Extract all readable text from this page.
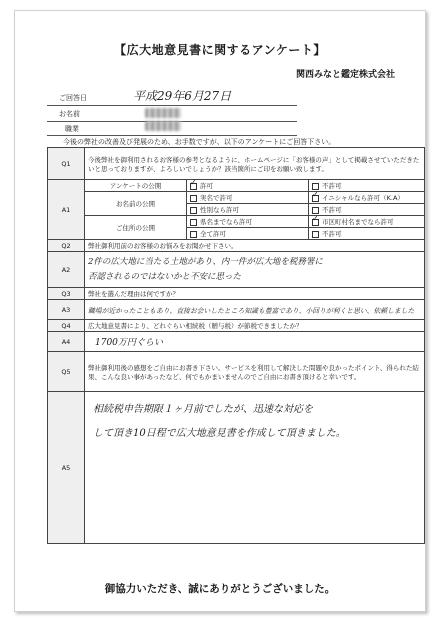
【広大地意見書に関するアンケート】
関西みなと鑑定株式会社
ご回答日	平成29年6月27日
お名前
職業
今後の弊社の改善及び発展のため、お手数ですが、以下のアンケートにご回答下さい。
Q1	今後弊社を御利用されるお客様の参考となるように、ホームページに「お客様の声」として掲載させていただきたいと思っておりますが、よろしいでしょうか？該当箇所にご印をお願い致します。		
A1	アンケートの公開	✓許可	不許可
	お名前の公開	実名で許可	✓イニシャルなら許可（K.A）
		性別なら許可	不許可
	ご住所の公開	県名までなら許可	✓市区町村名までなら許可
		全て許可	不許可
Q2	弊社御利用前のお客様のお悩みをお聞かせ下さい。		
A2	2件の広大地に当たる土地があり、内一件が広大地を税務署に
否認されるのではないかと不安に思った		

Q3	弊社を選んだ理由は何ですか？		
A3	職場が近かったこともあり、直接お会いしたところ知識も豊富であり、小回りが利くと思い、依頼しました		
Q4	広大地意見書により、どれぐらい相続税（贈与税）が節税できましたか？		
A4	1700万円ぐらい		
Q5	弊社御利用後の感想をご自由にお書き下さい。サービスを利用して解決した問題や良かったポイント、得られた結果、こんな良い事があったなど、何でもかまいませんのでご自由にお書き頂けると幸いです。		
A5	相続税申告期限１ヶ月前でしたが、迅速な対応を
して頂き10日程で広大地意見書を作成して頂きました。		
御協力いただき、誠にありがとうございました。
